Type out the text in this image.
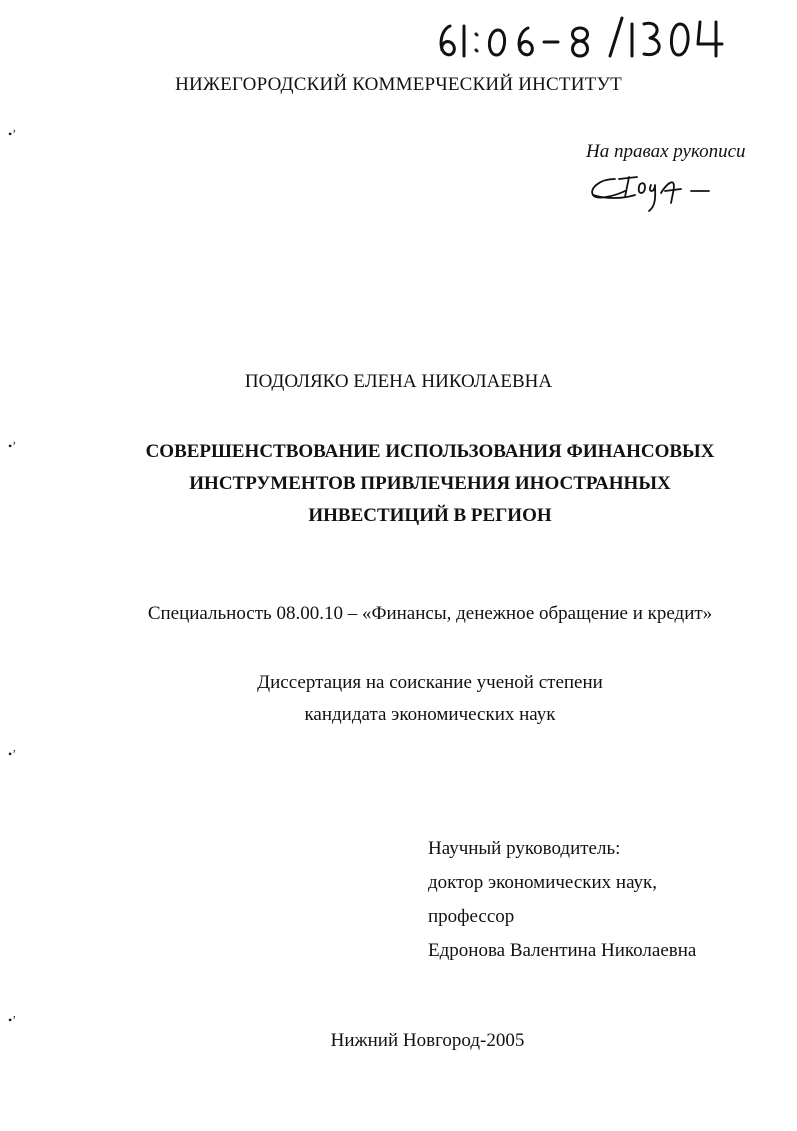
НИЖЕГОРОДСКИЙ КОММЕРЧЕСКИЙ ИНСТИТУТ
На правах рукописи
ПОДОЛЯКО ЕЛЕНА НИКОЛАЕВНА
СОВЕРШЕНСТВОВАНИЕ ИСПОЛЬЗОВАНИЯ ФИНАНСОВЫХ
ИНСТРУМЕНТОВ ПРИВЛЕЧЕНИЯ ИНОСТРАННЫХ
ИНВЕСТИЦИЙ В РЕГИОН
Специальность 08.00.10 – «Финансы, денежное обращение и кредит»
Диссертация на соискание ученой степени
кандидата экономических наук
Научный руководитель:
доктор экономических наук,
профессор
Едронова Валентина Николаевна
Нижний Новгород-2005
•ʼ
•ʼ
•ʼ
•ʼ
